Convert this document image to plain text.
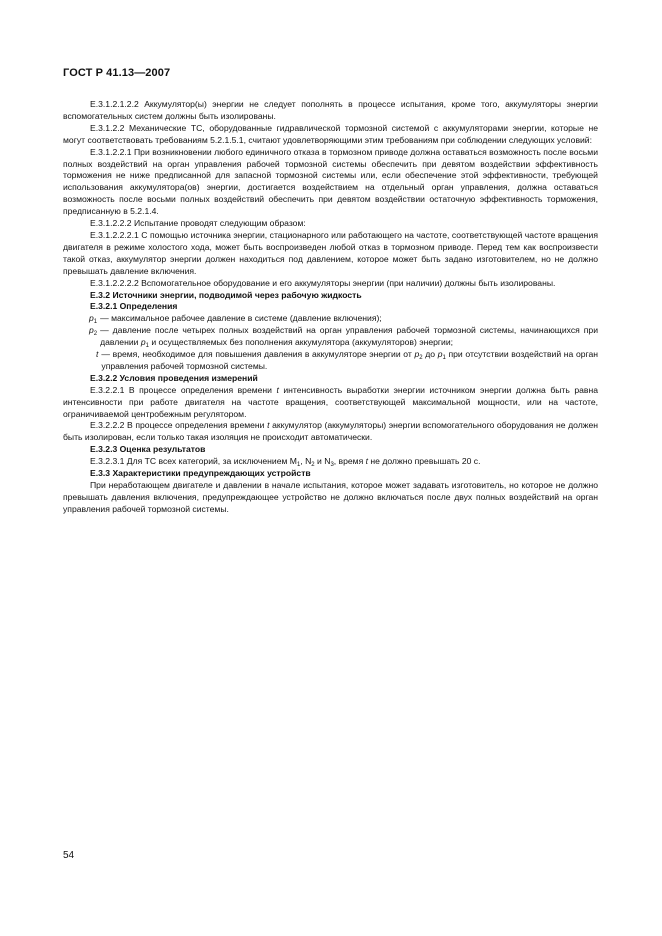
ГОСТ Р 41.13—2007

Е.3.1.2.1.2.2 Аккумулятор(ы) энергии не следует пополнять в процессе испытания, кроме того, аккумуляторы энергии вспомогательных систем должны быть изолированы.

Е.3.1.2.2 Механические ТС, оборудованные гидравлической тормозной системой с аккумуляторами энергии, которые не могут соответствовать требованиям 5.2.1.5.1, считают удовлетворяющими этим требованиям при соблюдении следующих условий:

Е.3.1.2.2.1 При возникновении любого единичного отказа в тормозном приводе должна оставаться возможность после восьми полных воздействий на орган управления рабочей тормозной системы обеспечить при девятом воздействии эффективность торможения не ниже предписанной для запасной тормозной системы или, если обеспечение этой эффективности, требующей использования аккумулятора(ов) энергии, достигается воздействием на отдельный орган управления, должна оставаться возможность после восьми полных воздействий обеспечить при девятом воздействии остаточную эффективность торможения, предписанную в 5.2.1.4.

Е.3.1.2.2.2 Испытание проводят следующим образом:

Е.3.1.2.2.2.1 С помощью источника энергии, стационарного или работающего на частоте, соответствующей частоте вращения двигателя в режиме холостого хода, может быть воспроизведен любой отказ в тормозном приводе. Перед тем как воспроизвести такой отказ, аккумулятор энергии должен находиться под давлением, которое может быть задано изготовителем, но не должно превышать давление включения.

Е.3.1.2.2.2.2 Вспомогательное оборудование и его аккумуляторы энергии (при наличии) должны быть изолированы.

Е.3.2 Источники энергии, подводимой через рабочую жидкость

Е.3.2.1 Определения

$p_1$ — максимальное рабочее давление в системе (давление включения);
$p_2$ — давление после четырех полных воздействий на орган управления рабочей тормозной системы, начинающихся при давлении $p_1$ и осуществляемых без пополнения аккумулятора (аккумуляторов) энергии;
t — время, необходимое для повышения давления в аккумуляторе энергии от $p_2$ до $p_1$ при отсутствии воздействий на орган управления рабочей тормозной системы.

Е.3.2.2 Условия проведения измерений

Е.3.2.2.1 В процессе определения времени t интенсивность выработки энергии источником энергии должна быть равна интенсивности при работе двигателя на частоте вращения, соответствующей максимальной мощности, или на частоте, ограничиваемой центробежным регулятором.

Е.3.2.2.2 В процессе определения времени t аккумулятор (аккумуляторы) энергии вспомогательного оборудования не должен быть изолирован, если только такая изоляция не происходит автоматически.

Е.3.2.3 Оценка результатов

Е.3.2.3.1 Для ТС всех категорий, за исключением $М_1$, $N_2$ и $N_3$, время t не должно превышать 20 с.

Е.3.3 Характеристики предупреждающих устройств

При неработающем двигателе и давлении в начале испытания, которое может задавать изготовитель, но которое не должно превышать давления включения, предупреждающее устройство не должно включаться после двух полных воздействий на орган управления рабочей тормозной системы.

54
